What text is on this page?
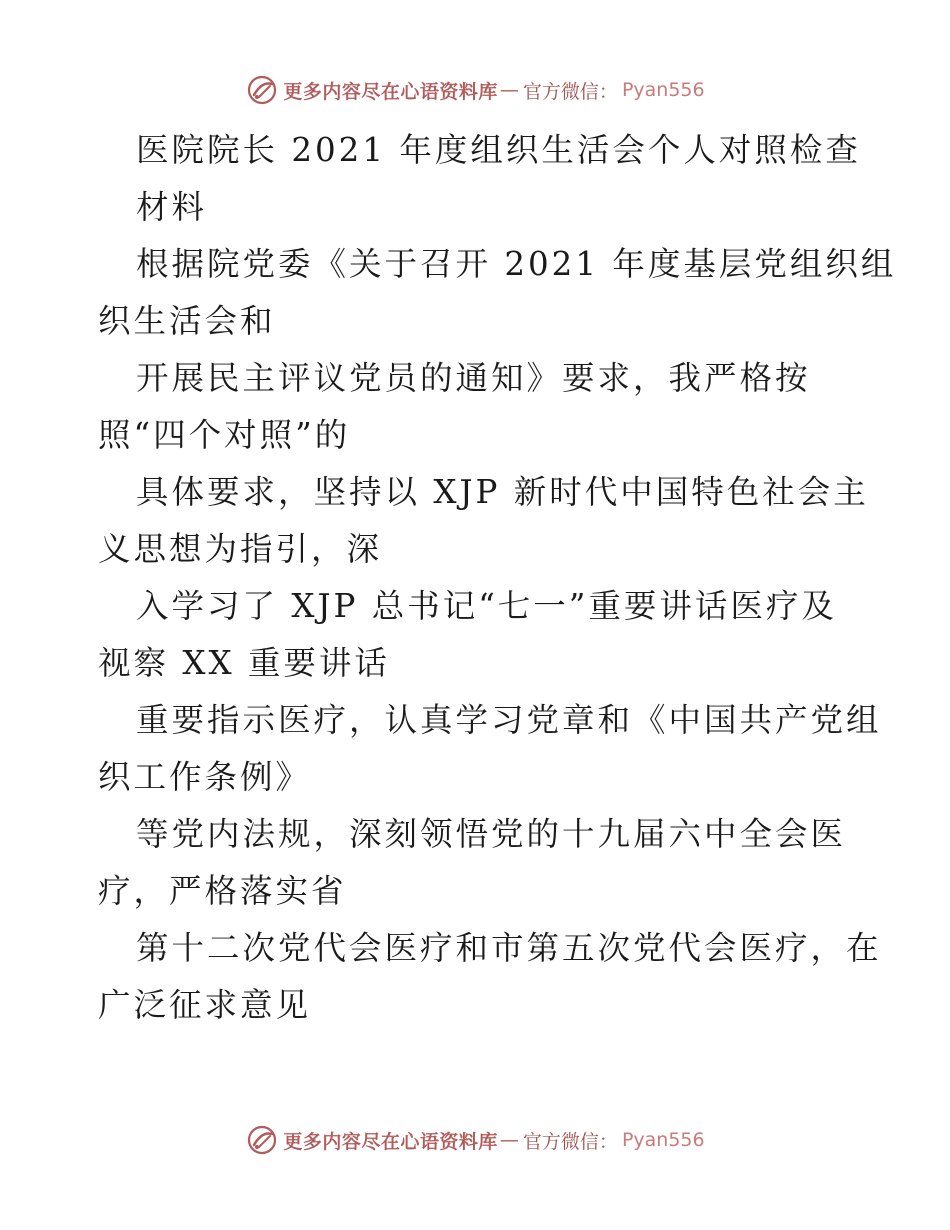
更多内容尽在心语资料库 — 官方微信： Pyan556
医院院长 2021 年度组织生活会个人对照检查
材料
根据院党委《关于召开 2021 年度基层党组织组
织生活会和
开展民主评议党员的通知》要求，我严格按
照“四个对照”的
具体要求，坚持以 XJP 新时代中国特色社会主
义思想为指引，深
入学习了 XJP 总书记“七一”重要讲话医疗及
视察 XX 重要讲话
重要指示医疗，认真学习党章和《中国共产党组
织工作条例》
等党内法规，深刻领悟党的十九届六中全会医
疗，严格落实省
第十二次党代会医疗和市第五次党代会医疗，在
广泛征求意见
更多内容尽在心语资料库 — 官方微信： Pyan556
